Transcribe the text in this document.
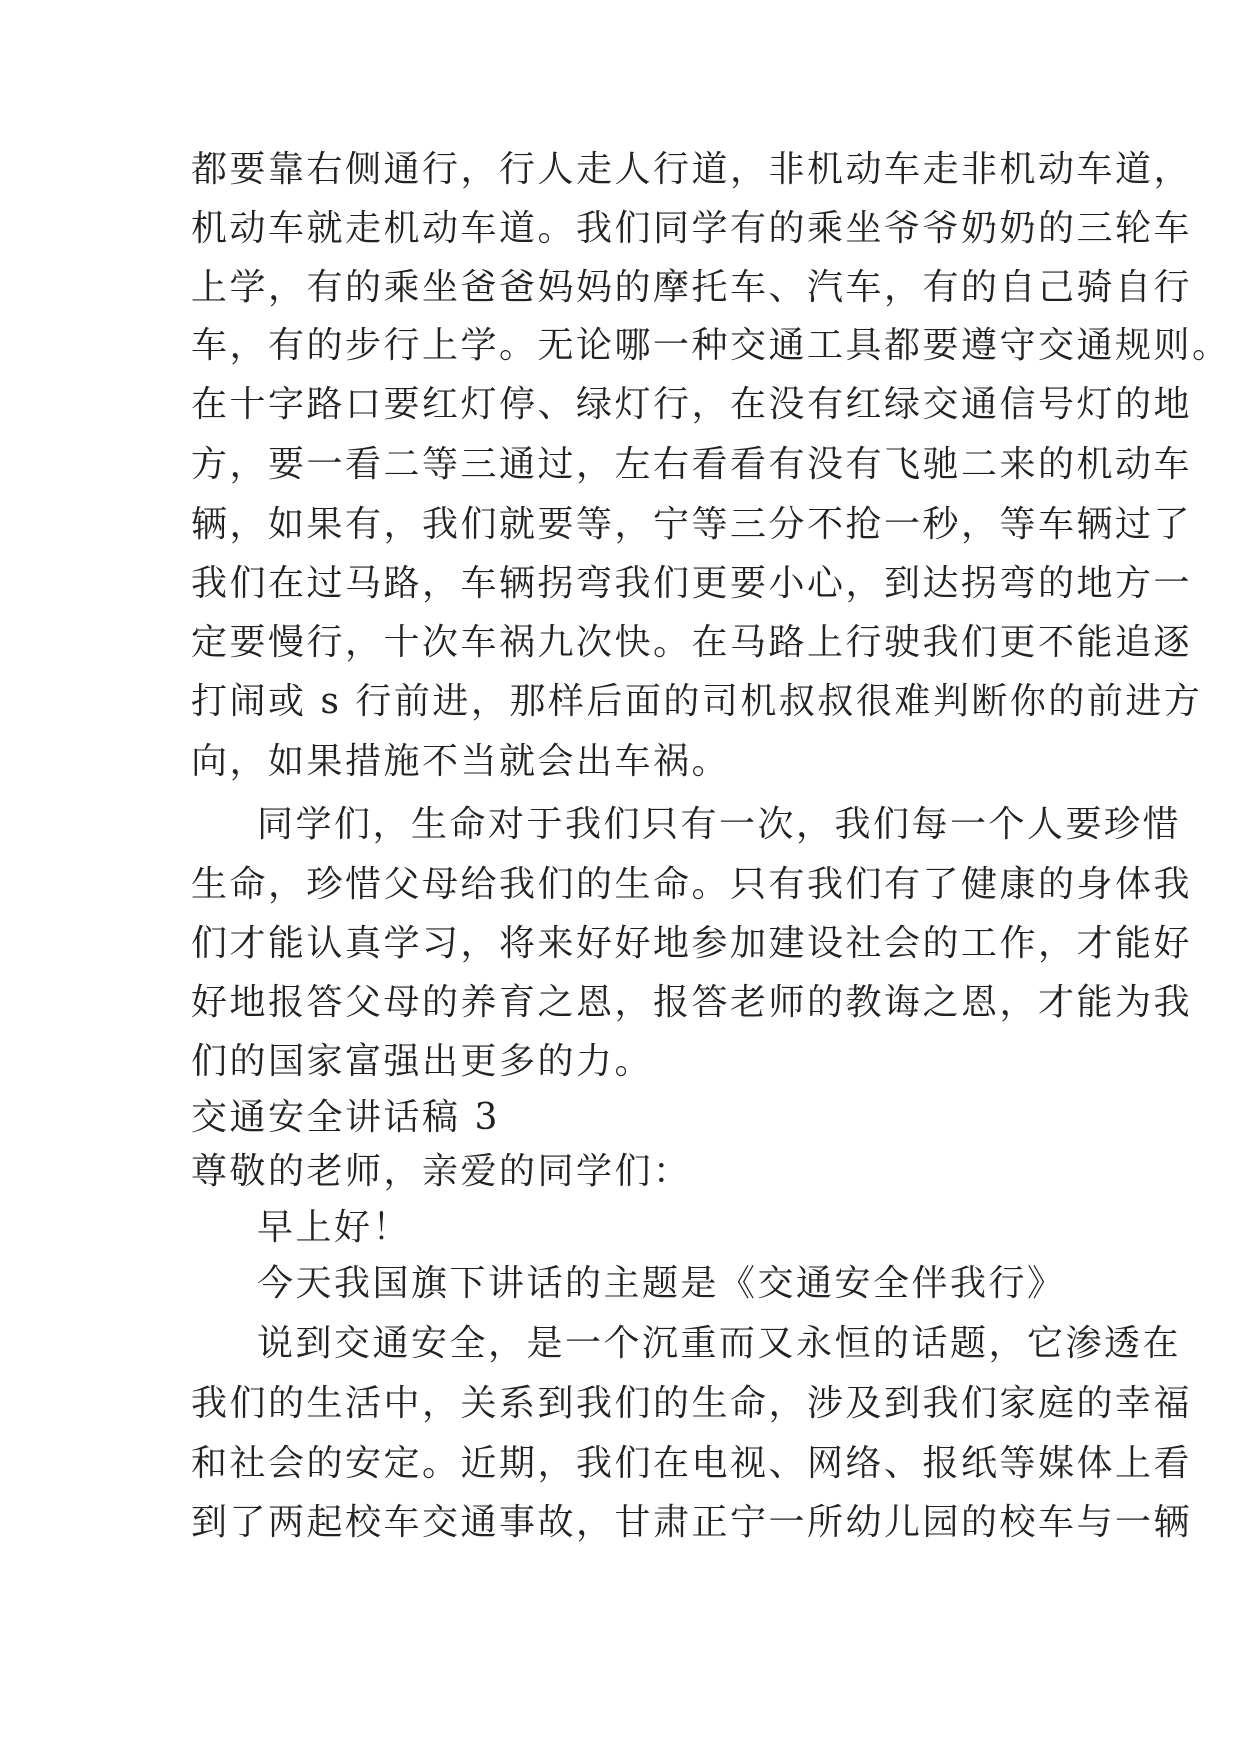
都要靠右侧通行，行人走人行道，非机动车走非机动车道，
机动车就走机动车道。我们同学有的乘坐爷爷奶奶的三轮车
上学，有的乘坐爸爸妈妈的摩托车、汽车，有的自己骑自行
车，有的步行上学。无论哪一种交通工具都要遵守交通规则。
在十字路口要红灯停、绿灯行，在没有红绿交通信号灯的地
方，要一看二等三通过，左右看看有没有飞驰二来的机动车
辆，如果有，我们就要等，宁等三分不抢一秒，等车辆过了
我们在过马路，车辆拐弯我们更要小心，到达拐弯的地方一
定要慢行，十次车祸九次快。在马路上行驶我们更不能追逐
打闹或 s 行前进，那样后面的司机叔叔很难判断你的前进方
向，如果措施不当就会出车祸。
同学们，生命对于我们只有一次，我们每一个人要珍惜
生命，珍惜父母给我们的生命。只有我们有了健康的身体我
们才能认真学习，将来好好地参加建设社会的工作，才能好
好地报答父母的养育之恩，报答老师的教诲之恩，才能为我
们的国家富强出更多的力。
交通安全讲话稿 3
尊敬的老师，亲爱的同学们：
早上好！
今天我国旗下讲话的主题是《交通安全伴我行》
说到交通安全，是一个沉重而又永恒的话题，它渗透在
我们的生活中，关系到我们的生命，涉及到我们家庭的幸福
和社会的安定。近期，我们在电视、网络、报纸等媒体上看
到了两起校车交通事故，甘肃正宁一所幼儿园的校车与一辆
